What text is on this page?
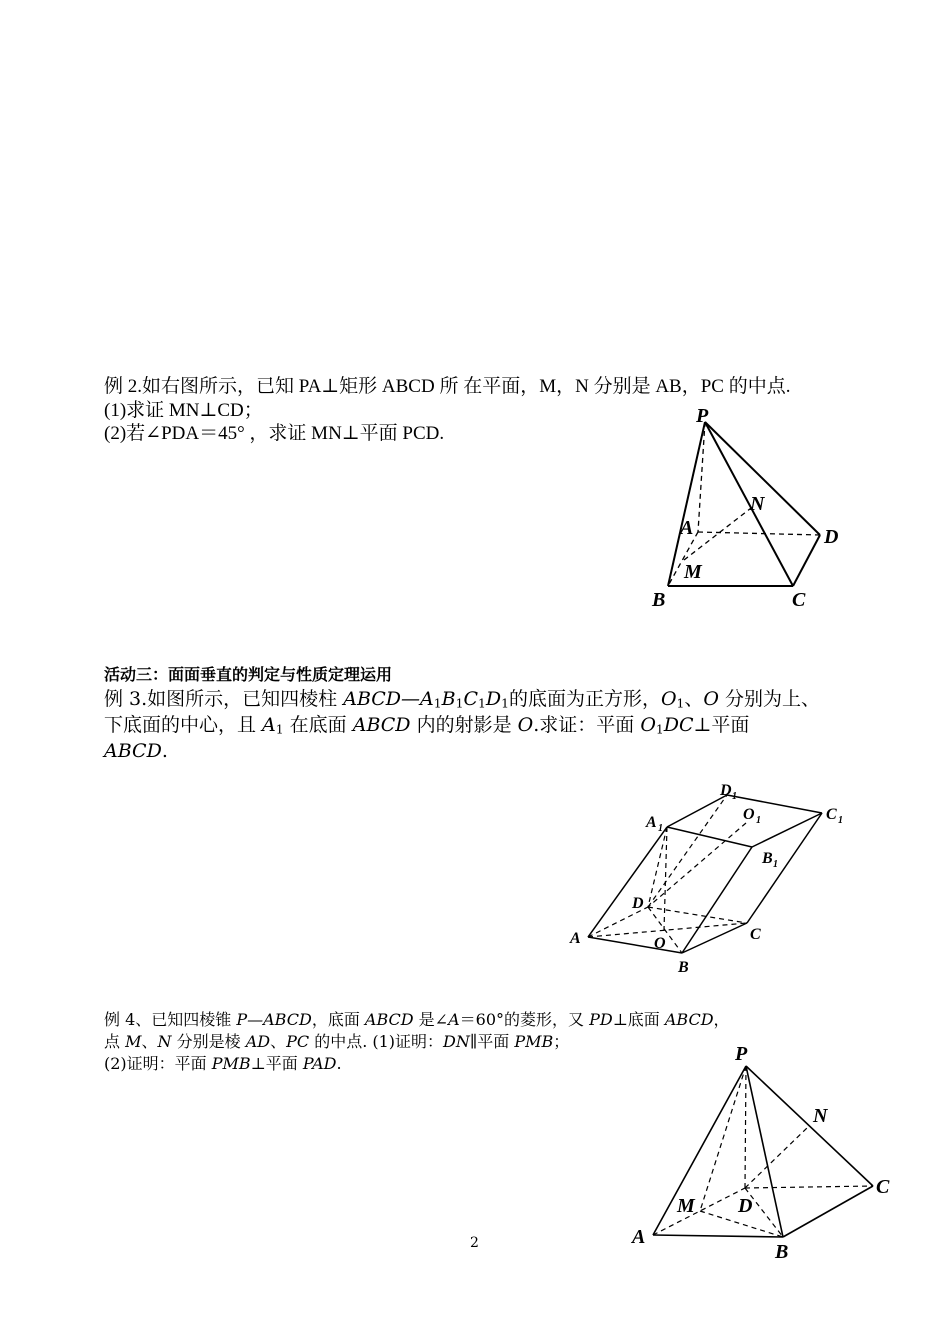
例 2.如右图所示，已知 PA⊥矩形 ABCD 所 在平面，M，N 分别是 AB，PC 的中点.
(1)求证 MN⊥CD；
(2)若∠PDA＝45° ，求证 MN⊥平面 PCD.
P
N
A	D
M
B	C
活动三：面面垂直的判定与性质定理运用
例 3.如图所示，已知四棱柱 $ABCD—A_1B_1C_1D_1$的底面为正方形，$O_1$、O 分别为上、
下底面的中心，且 $A_1$ 在底面 ABCD 内的射影是 O.求证：平面 $O_1DC\perp$平面
ABCD.
D 1
O 1	C 1
A 1
B 1
D
C
A	O
B
例 4、已知四棱锥 P—ABCD，底面 ABCD 是∠A＝60°的菱形，又 PD⊥底面 ABCD，
点 M、N 分别是棱 AD、PC 的中点. (1)证明：DN∥平面 PMB；
(2)证明：平面 PMB⊥平面 PAD.	P
N
C
M D
A
B
2
